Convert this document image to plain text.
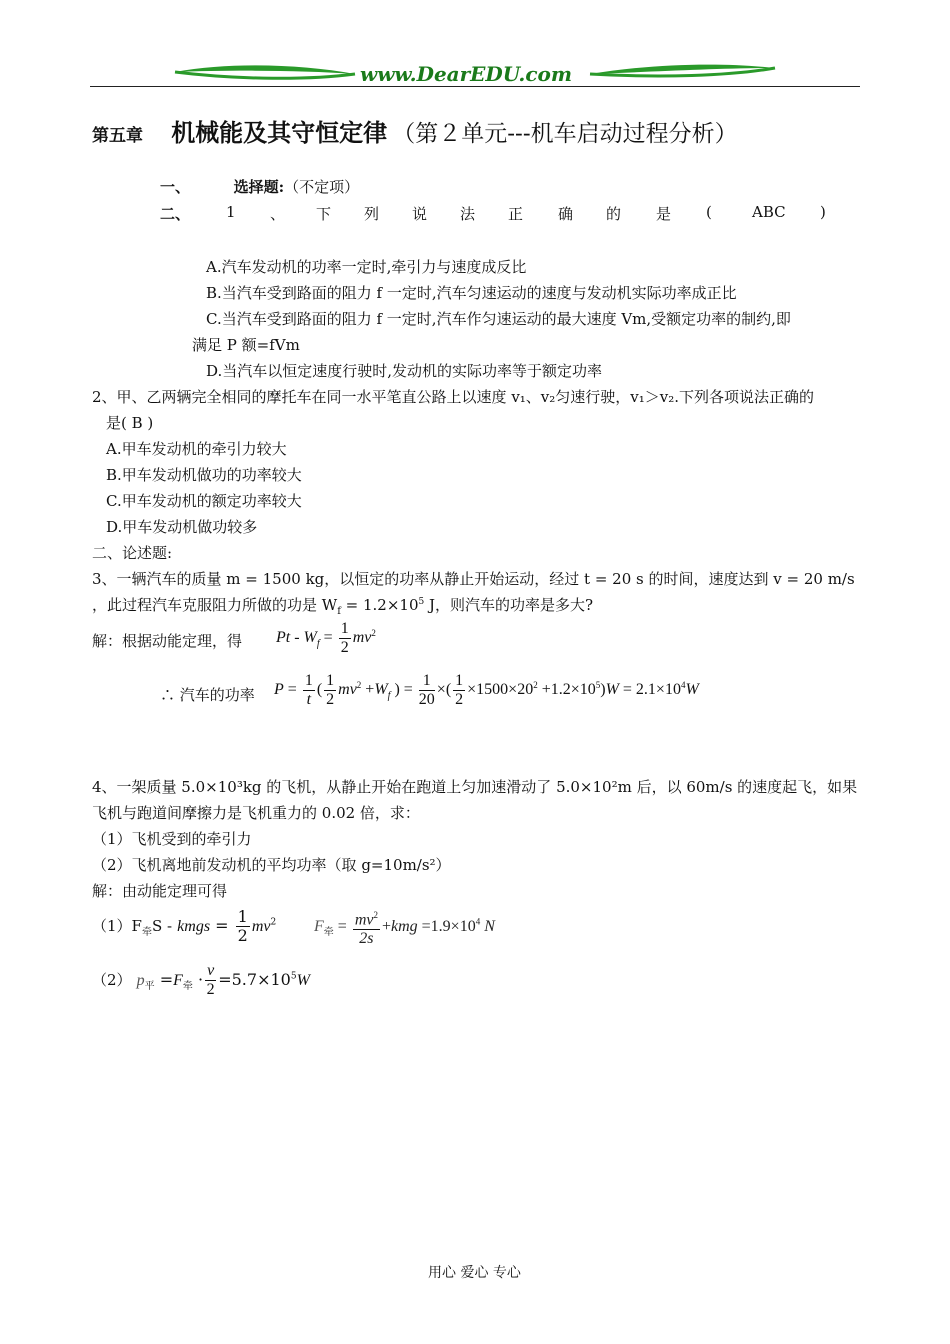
www.DearEDU.com
第五章 机械能及其守恒定律 （第２单元---机车启动过程分析）
一、	选择题:（不定项）
二、 1 、 下 列 说 法 正 确 的 是 (	ABC )
A.汽车发动机的功率一定时,牵引力与速度成反比
B.当汽车受到路面的阻力 f 一定时,汽车匀速运动的速度与发动机实际功率成正比
C.当汽车受到路面的阻力 f 一定时,汽车作匀速运动的最大速度 Vm,受额定功率的制约,即
满足 P 额=fVm
D.当汽车以恒定速度行驶时,发动机的实际功率等于额定功率
2、甲、乙两辆完全相同的摩托车在同一水平笔直公路上以速度 v₁、v₂匀速行驶，v₁＞v₂.下列各项说法正确的
是( B )
A.甲车发动机的牵引力较大
B.甲车发动机做功的功率较大
C.甲车发动机的额定功率较大
D.甲车发动机做功较多
二、论述题:
3、一辆汽车的质量 m = 1500 kg，以恒定的功率从静止开始运动，经过 t = 20 s 的时间，速度达到 v = 20 m/s
，此过程汽车克服阻力所做的功是 $W_f = 1.2\times 10^5$ J，则汽车的功率是多大?
解：根据动能定理，得 $Pt - W_f = \frac{1}{2} mv^2$
∴ 汽车的功率 $P = \frac{1}{t}$ ( $\frac{1}{2} mv^2 +W_f$ ) = $\frac{1}{20}$ ×( $\frac{1}{2} \times 1500\times 20^2 +1.2\times 10^5)W = 2.1\times 10^4W$
4、一架质量 5.0×10³kg 的飞机，从静止开始在跑道上匀加速滑动了 5.0×10²m 后，以 60m/s 的速度起飞，如果
飞机与跑道间摩擦力是飞机重力的 0.02 倍，求：
（1）飞机受到的牵引力
（2）飞机离地前发动机的平均功率（取 g=10m/s²）
解：由动能定理可得
$(1)F_牵S$ - kmgs = $\frac{1}{2} mv^2$ $F_牵 = \frac{mv^2}{2s} +kmg =1.9\times 10^4$ N
（2） $p_平 =F_牵 \cdot \frac{v}{2} =5.7\times 10^5W$
用心 爱心 专心
